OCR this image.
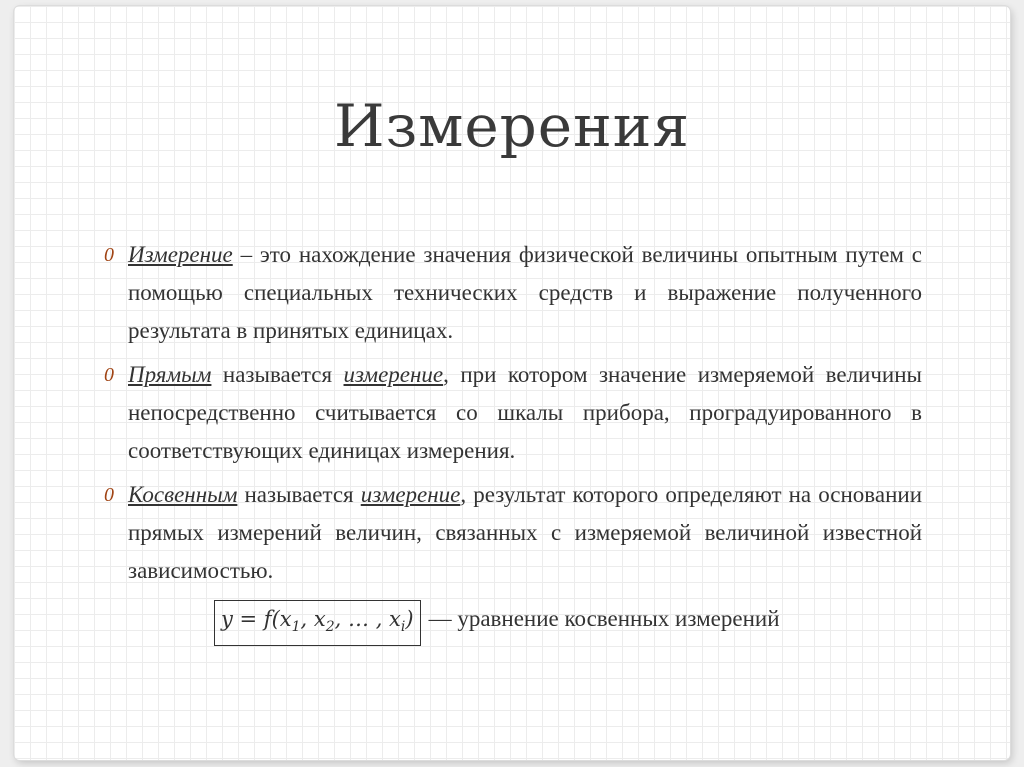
Измерения
0 Измерение – это нахождение значения физической величины опытным путем с помощью специальных технических средств и выражение полученного результата в принятых единицах.
0 Прямым называется измерение, при котором значение измеряемой величины непосредственно считывается со шкалы прибора, проградуированного в соответствующих единицах измерения.
0 Косвенным называется измерение, результат которого определяют на основании прямых измерений величин, связанных с измеряемой величиной известной зависимостью.
$y = f(x_1$, $x_2$, … , $x_i$) — уравнение косвенных измерений
